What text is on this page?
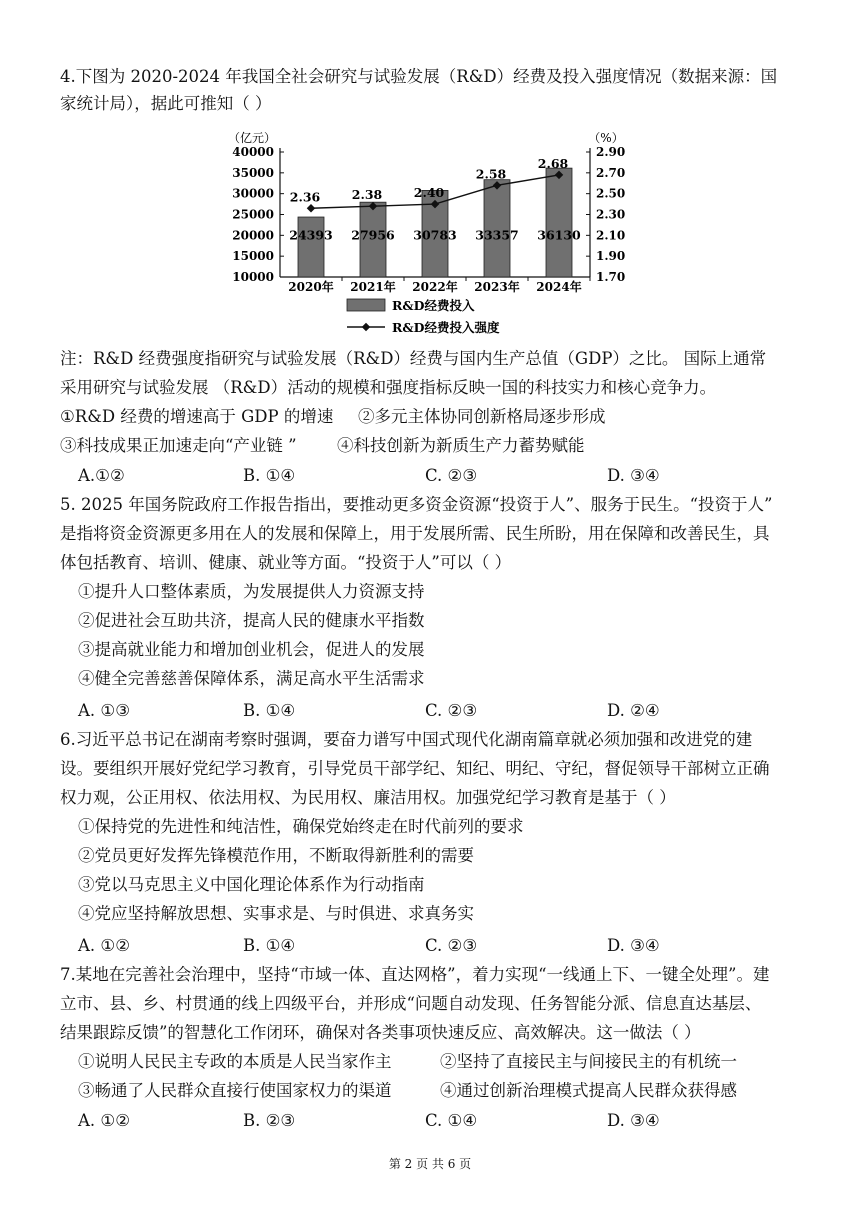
4.下图为 2020-2024 年我国全社会研究与试验发展（R&D）经费及投入强度情况（数据来源：国
家统计局），据此可推知（ ）
（亿元）	（%）
10000
15000
20000
25000
30000
35000
40000
1.70
1.90
2.10
2.30
2.50
2.70
2.90
2020年 2021年 2022年 2023年 2024年
24393 27956 30783 33357 36130
2.36	2.38	2.40
2.58
2.68
R&D经费投入
R&D经费投入强度
注：R&D 经费强度指研究与试验发展（R&D）经费与国内生产总值（GDP）之比。 国际上通常
采用研究与试验发展 （R&D）活动的规模和强度指标反映一国的科技实力和核心竞争力。
①R&D 经费的增速高于 GDP 的增速 ②多元主体协同创新格局逐步形成
③科技成果正加速走向“产业链 ” ④科技创新为新质生产力蓄势赋能
A.①②	B. ①④	C. ②③	D. ③④
5. 2025 年国务院政府工作报告指出，要推动更多资金资源“投资于人”、服务于民生。“投资于人”
是指将资金资源更多用在人的发展和保障上，用于发展所需、民生所盼，用在保障和改善民生，具
体包括教育、培训、健康、就业等方面。“投资于人”可以（ ）
①提升人口整体素质，为发展提供人力资源支持
②促进社会互助共济，提高人民的健康水平指数
③提高就业能力和增加创业机会，促进人的发展
④健全完善慈善保障体系，满足高水平生活需求
A. ①③	B. ①④	C. ②③	D. ②④
6.习近平总书记在湖南考察时强调，要奋力谱写中国式现代化湖南篇章就必须加强和改进党的建
设。要组织开展好党纪学习教育，引导党员干部学纪、知纪、明纪、守纪，督促领导干部树立正确
权力观，公正用权、依法用权、为民用权、廉洁用权。加强党纪学习教育是基于（ ）
①保持党的先进性和纯洁性，确保党始终走在时代前列的要求
②党员更好发挥先锋模范作用，不断取得新胜利的需要
③党以马克思主义中国化理论体系作为行动指南
④党应坚持解放思想、实事求是、与时俱进、求真务实
A. ①②	B. ①④	C. ②③	D. ③④
7.某地在完善社会治理中，坚持“市域一体、直达网格”，着力实现“一线通上下、一键全处理”。建
立市、县、乡、村贯通的线上四级平台，并形成“问题自动发现、任务智能分派、信息直达基层、
结果跟踪反馈”的智慧化工作闭环，确保对各类事项快速反应、高效解决。这一做法（ ）
①说明人民民主专政的本质是人民当家作主	②坚持了直接民主与间接民主的有机统一
③畅通了人民群众直接行使国家权力的渠道	④通过创新治理模式提高人民群众获得感
A. ①②	B. ②③	C. ①④	D. ③④
第 2 页 共 6 页
